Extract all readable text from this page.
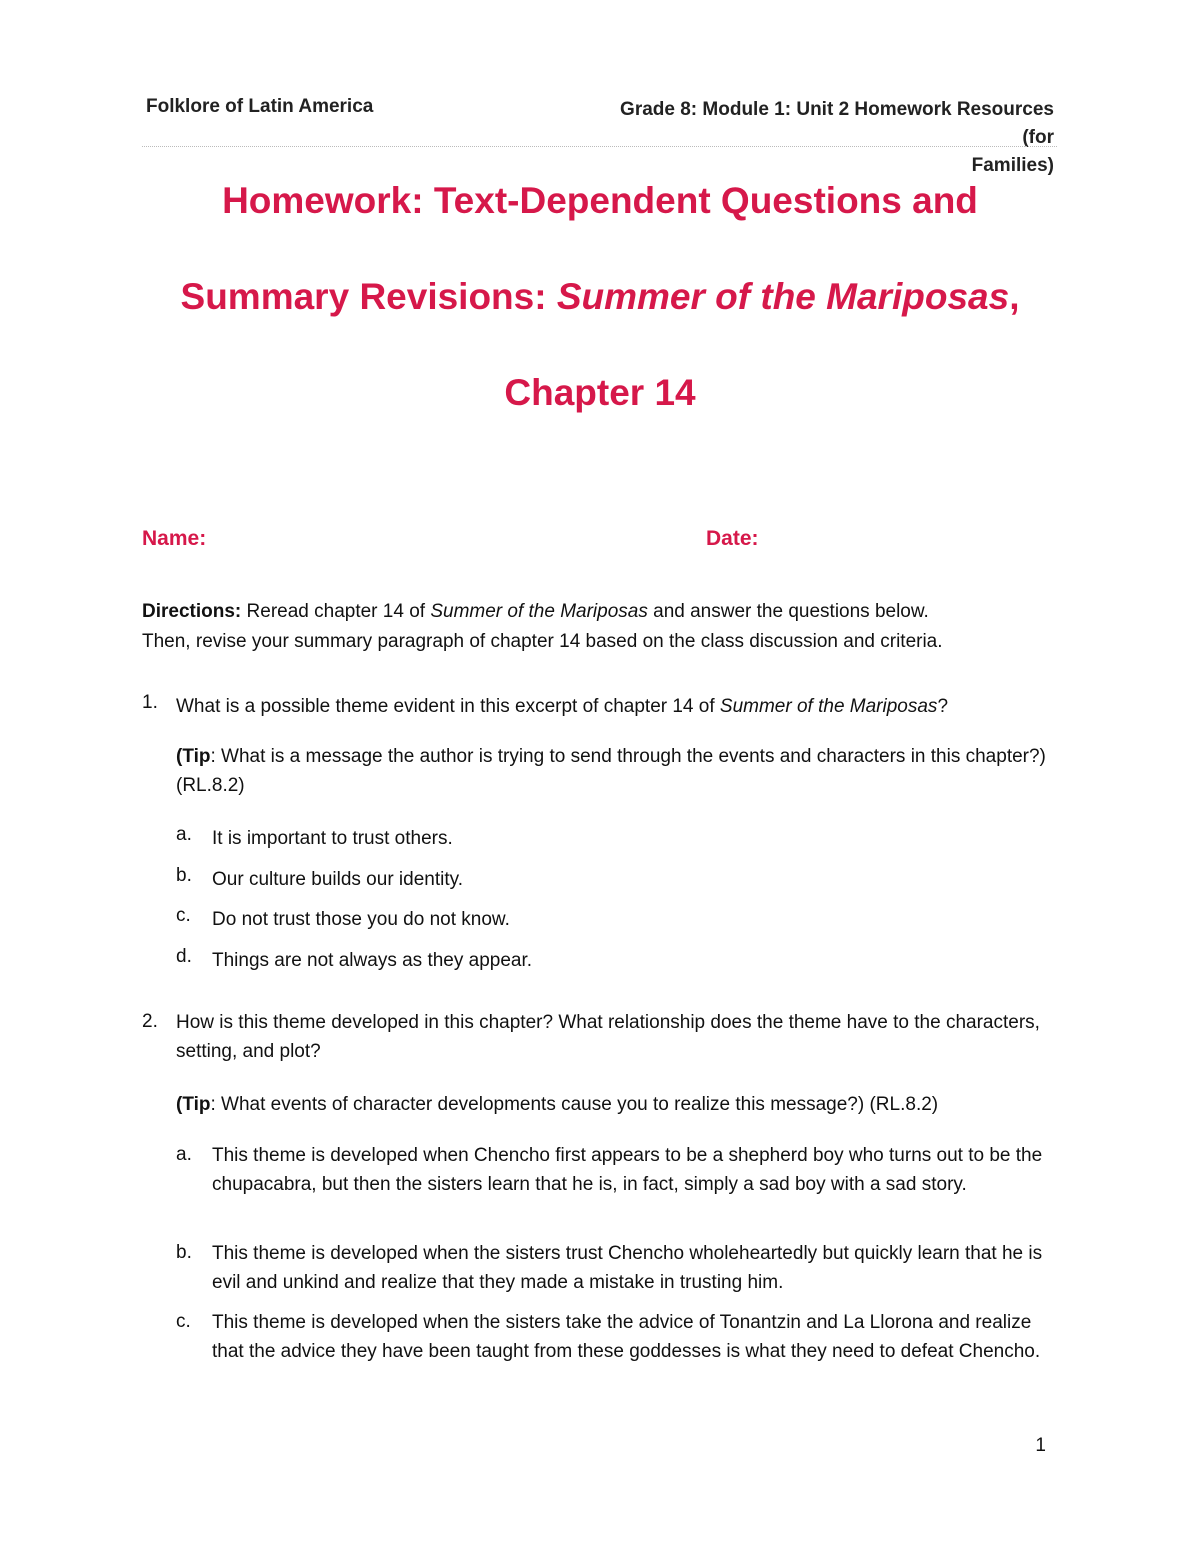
Folklore of Latin America	Grade 8: Module 1: Unit 2 Homework Resources (for
Families)
Homework: Text-Dependent Questions and
Summary Revisions: Summer of the Mariposas,
Chapter 14
Name:	Date:
Directions: Reread chapter 14 of Summer of the Mariposas and answer the questions below.
Then, revise your summary paragraph of chapter 14 based on the class discussion and criteria.
1. What is a possible theme evident in this excerpt of chapter 14 of Summer of the Mariposas?
(Tip: What is a message the author is trying to send through the events and characters in this chapter?) (RL.8.2)
a. It is important to trust others.
b. Our culture builds our identity.
c. Do not trust those you do not know.
d. Things are not always as they appear.
2. How is this theme developed in this chapter? What relationship does the theme have to the characters, setting, and plot?
(Tip: What events of character developments cause you to realize this message?) (RL.8.2)
a. This theme is developed when Chencho first appears to be a shepherd boy who turns out to be the chupacabra, but then the sisters learn that he is, in fact, simply a sad boy with a sad story.
b. This theme is developed when the sisters trust Chencho wholeheartedly but quickly learn that he is evil and unkind and realize that they made a mistake in trusting him.
c. This theme is developed when the sisters take the advice of Tonantzin and La Llorona and realize that the advice they have been taught from these goddesses is what they need to defeat Chencho.
1
